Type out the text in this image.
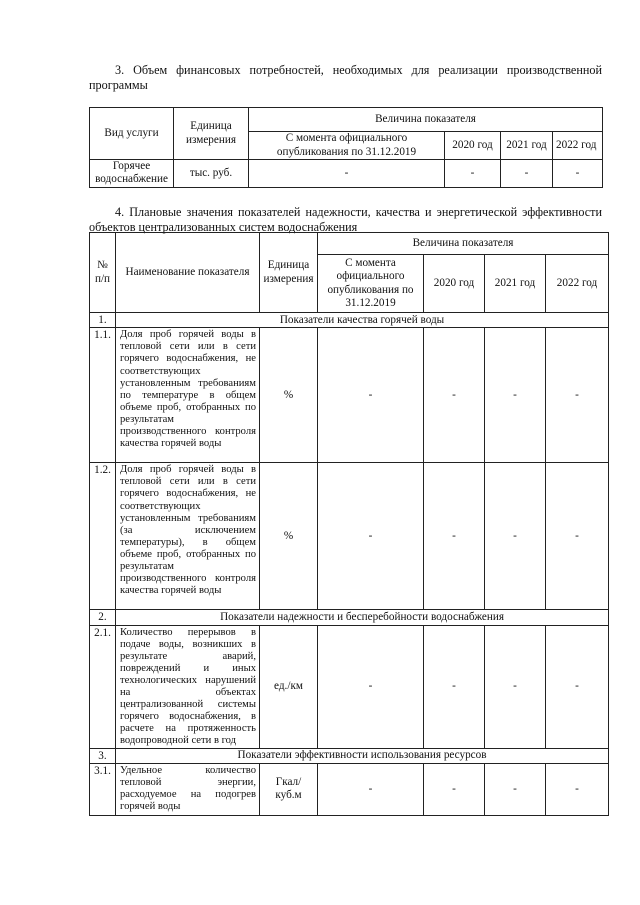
3. Объем финансовых потребностей, необходимых для реализации производственной программы

Вид услуги	Единица измерения	Величина показателя			
		С момента официального опубликования по 31.12.2019	2020 год	2021 год	2022 год
Горячее водоснабжение	тыс. руб.	-	-	-	-

4. Плановые значения показателей надежности, качества и энергетической эффективности объектов централизованных систем водоснабжения

№ п/п	Наименование показателя	Единица измерения	Величина показателя			
			С момента официального опубликования по 31.12.2019	2020 год	2021 год	2022 год
1.	Показатели качества горячей воды					
1.1.	Доля проб горячей воды в тепловой сети или в сети горячего водоснабжения, не соответствующих установленным требованиям по температуре в общем объеме проб, отобранных по результатам производственного контроля качества горячей воды	%	-	-	-	-
1.2.	Доля проб горячей воды в тепловой сети или в сети горячего водоснабжения, не соответствующих установленным требованиям (за исключением температуры), в общем объеме проб, отобранных по результатам производственного контроля качества горячей воды	%	-	-	-	-
2.	Показатели надежности и бесперебойности водоснабжения					
2.1.	Количество перерывов в подаче воды, возникших в результате аварий, повреждений и иных технологических нарушений на объектах централизованной системы горячего водоснабжения, в расчете на протяженность водопроводной сети в год	ед./км	-	-	-	-
3.	Показатели эффективности использования ресурсов					
3.1.	Удельное количество тепловой энергии, расходуемое на подогрев горячей воды	Гкал/куб.м	-	-	-	-
